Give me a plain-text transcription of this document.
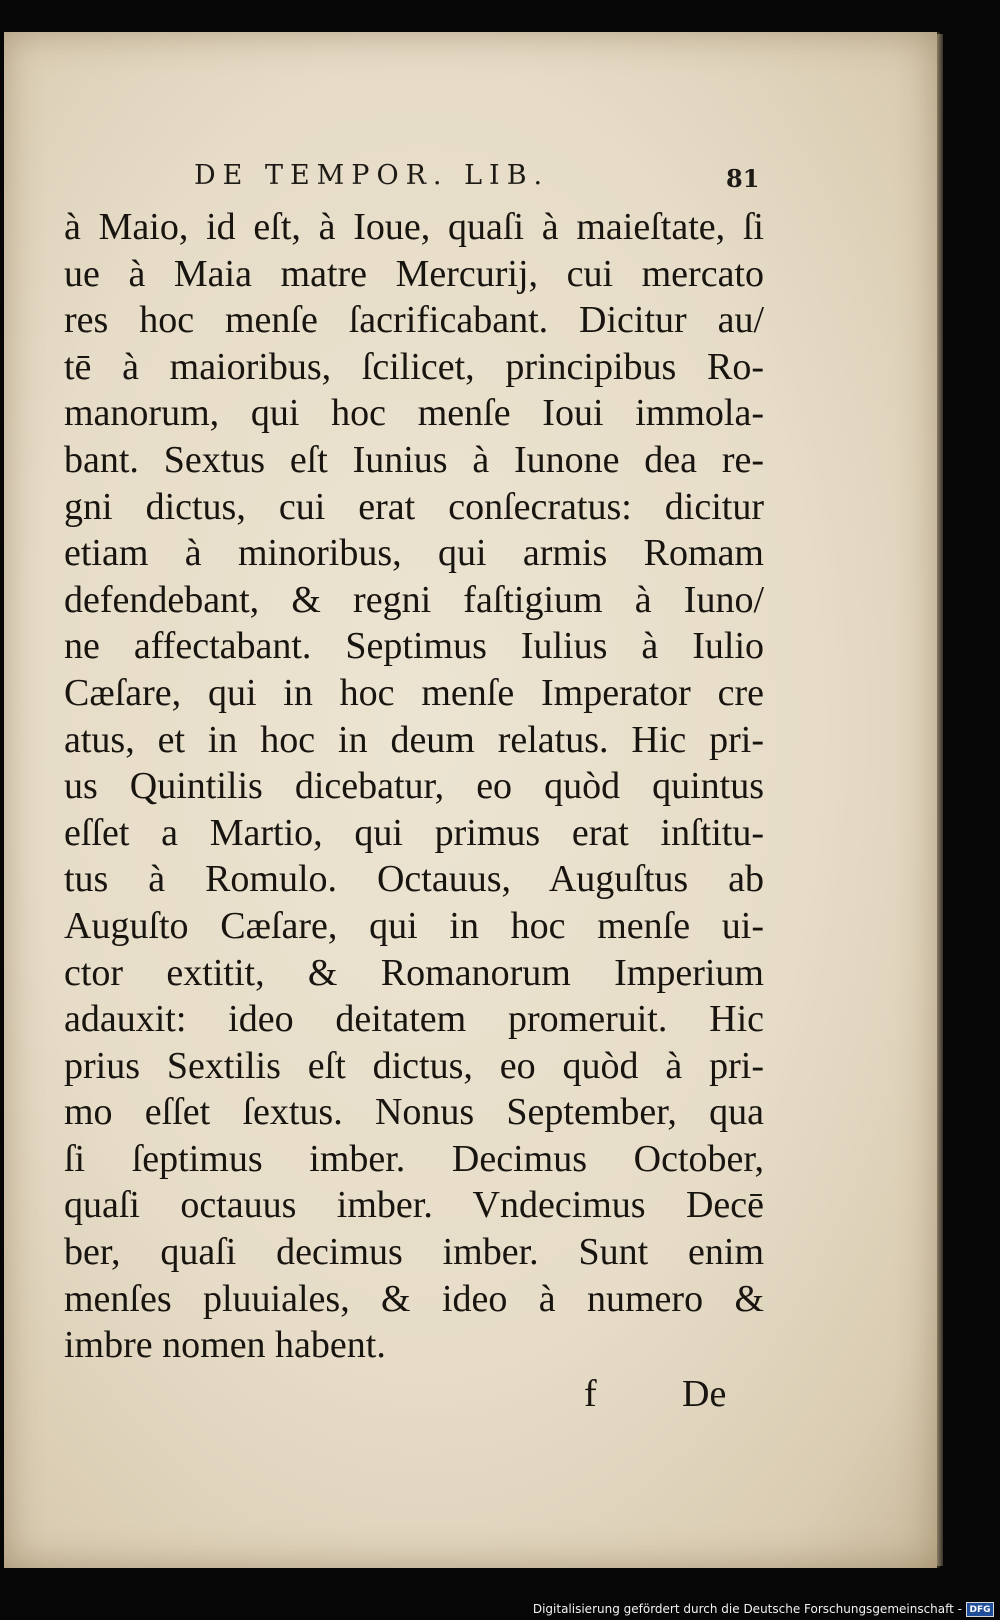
DE TEMPOR. LIB.	81
à Maio, id eſt, à Ioue, quaſi à maieſtate, ſi
ue à Maia matre Mercurij, cui mercato
res hoc menſe ſacrificabant. Dicitur au/
tē à maioribus, ſcilicet, principibus Ro-
manorum, qui hoc menſe Ioui immola-
bant. Sextus eſt Iunius à Iunone dea re-
gni dictus, cui erat conſecratus: dicitur
etiam à minoribus, qui armis Romam
defendebant, & regni faſtigium à Iuno/
ne affectabant. Septimus Iulius à Iulio
Cæſare, qui in hoc menſe Imperator cre
atus, et in hoc in deum relatus. Hic pri-
us Quintilis dicebatur, eo quòd quintus
eſſet a Martio, qui primus erat inſtitu-
tus à Romulo. Octauus, Auguſtus ab
Auguſto Cæſare, qui in hoc menſe ui-
ctor extitit, & Romanorum Imperium
adauxit: ideo deitatem promeruit. Hic
prius Sextilis eſt dictus, eo quòd à pri-
mo eſſet ſextus. Nonus September, qua
ſi ſeptimus imber. Decimus October,
quaſi octauus imber. Vndecimus Decē
ber, quaſi decimus imber. Sunt enim
menſes pluuiales, & ideo à numero &
imbre nomen habent.
f De
Digitalisierung gefördert durch die Deutsche Forschungsgemeinschaft - DFG
